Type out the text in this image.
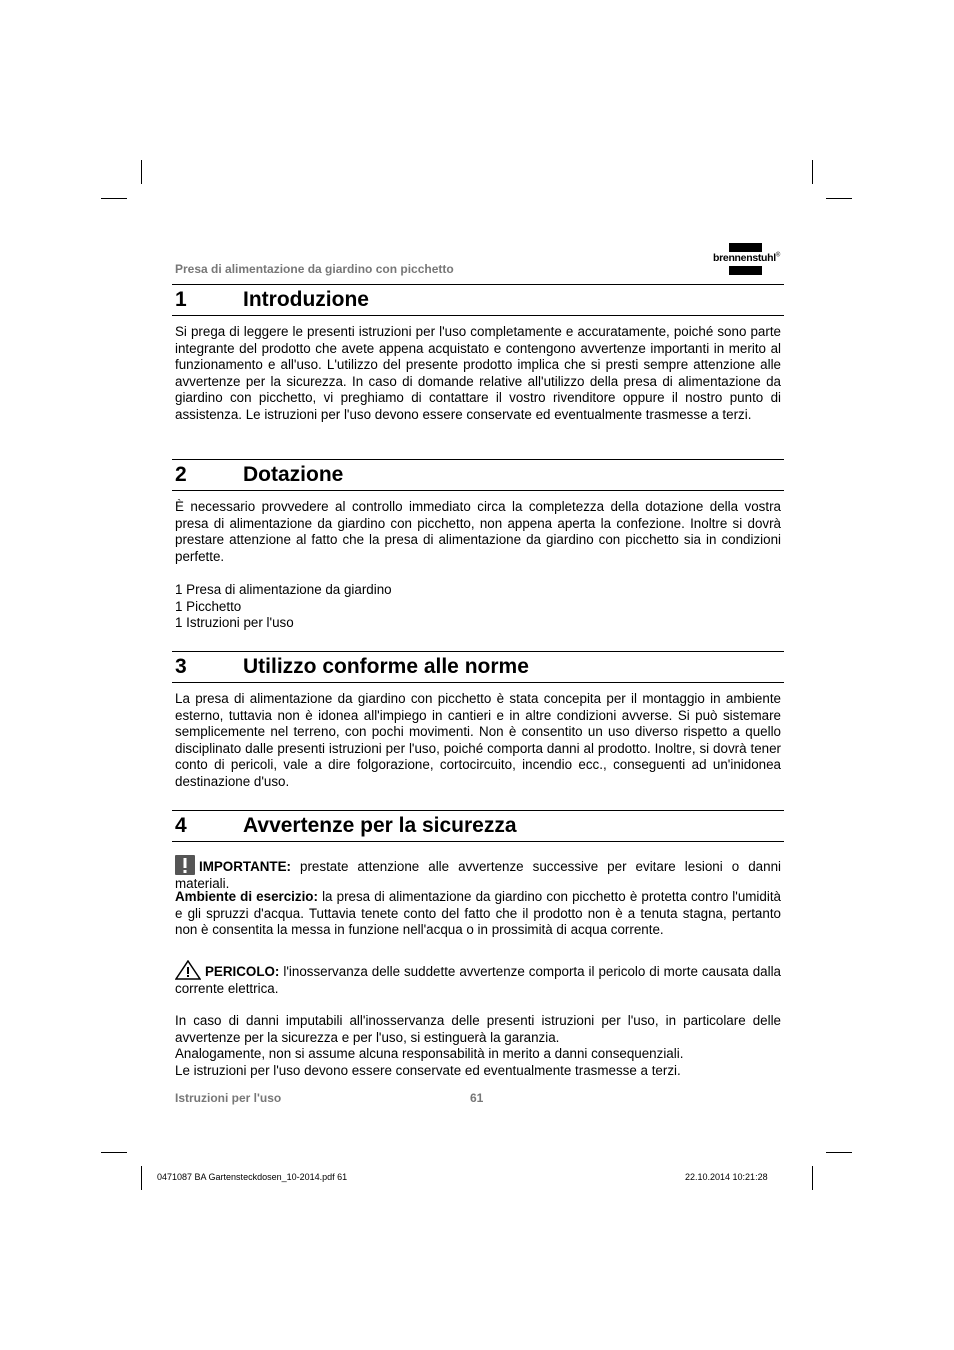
Presa di alimentazione da giardino con picchetto
brennenstuhl®
1	Introduzione

Si prega di leggere le presenti istruzioni per l'uso completamente e accuratamente, poiché sono parte integrante del prodotto che avete appena acquistato e contengono avvertenze importanti in merito al funzionamento e all'uso. L'utilizzo del presente prodotto implica che si presti sempre attenzione alle avvertenze per la sicurezza. In caso di domande relative all'utilizzo della presa di alimentazione da giardino con picchetto, vi preghiamo di contattare il vostro rivenditore oppure il nostro punto di assistenza. Le istruzioni per l'uso devono essere conservate ed eventualmente trasmesse a terzi.

2	Dotazione

È necessario provvedere al controllo immediato circa la completezza della dotazione della vostra presa di alimentazione da giardino con picchetto, non appena aperta la confezione. Inoltre si dovrà prestare attenzione al fatto che la presa di alimentazione da giardino con picchetto sia in condizioni perfette.

1 Presa di alimentazione da giardino
1 Picchetto
1 Istruzioni per l'uso
3	Utilizzo conforme alle norme

La presa di alimentazione da giardino con picchetto è stata concepita per il montaggio in ambiente esterno, tuttavia non è idonea all'impiego in cantieri e in altre condizioni avverse. Si può sistemare semplicemente nel terreno, con pochi movimenti. Non è consentito un uso diverso rispetto a quello disciplinato dalle presenti istruzioni per l'uso, poiché comporta danni al prodotto. Inoltre, si dovrà tener conto di pericoli, vale a dire folgorazione, cortocircuito, incendio ecc., conseguenti ad un'inidonea destinazione d'uso.

4	Avvertenze per la sicurezza

IMPORTANTE: prestate attenzione alle avvertenze successive per evitare lesioni o danni materiali.

Ambiente di esercizio: la presa di alimentazione da giardino con picchetto è protetta contro l'umidità e gli spruzzi d'acqua. Tuttavia tenete conto del fatto che il prodotto non è a tenuta stagna, pertanto non è consentita la messa in funzione nell'acqua o in prossimità di acqua corrente.

PERICOLO: l'inosservanza delle suddette avvertenze comporta il pericolo di morte causata dalla corrente elettrica.

In caso di danni imputabili all'inosservanza delle presenti istruzioni per l'uso, in particolare delle avvertenze per la sicurezza e per l'uso, si estinguerà la garanzia.

Analogamente, non si assume alcuna responsabilità in merito a danni consequenziali.
Le istruzioni per l'uso devono essere conservate ed eventualmente trasmesse a terzi.
Istruzioni per l'uso	61
0471087 BA Gartensteckdosen_10-2014.pdf 61	22.10.2014 10:21:28
